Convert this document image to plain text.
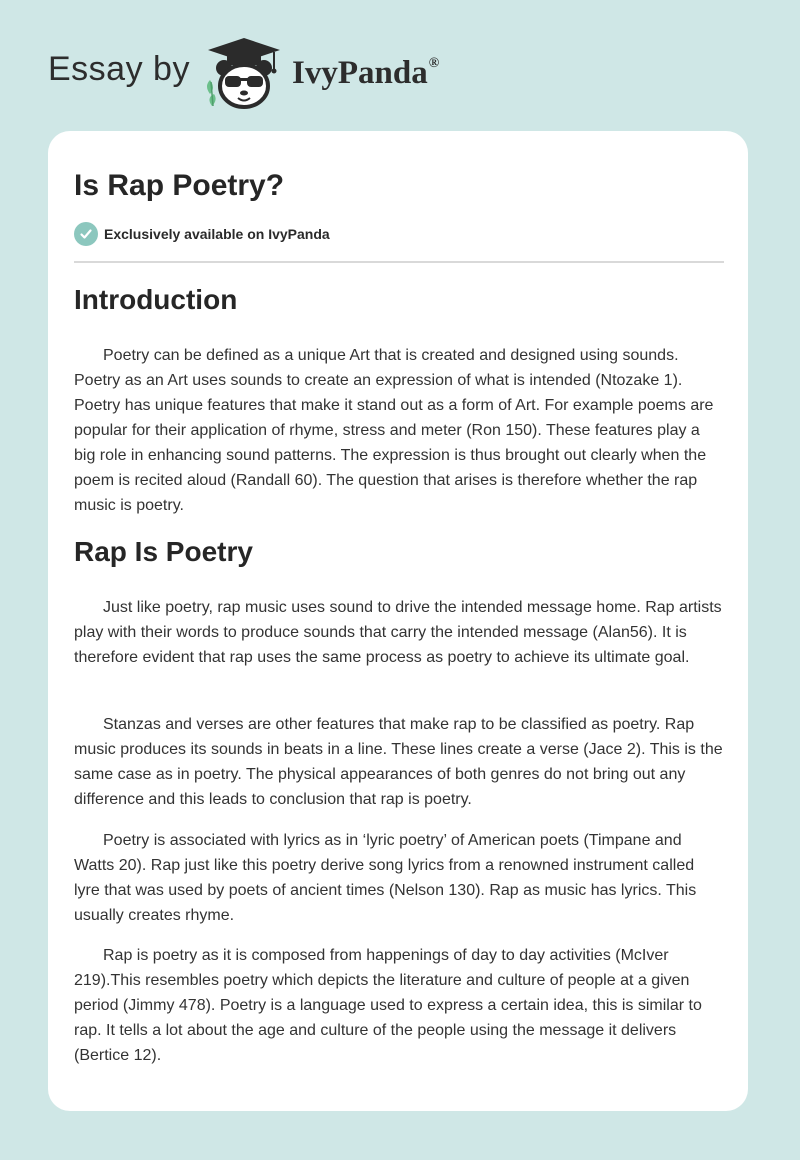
Essay by	IvyPanda®
Is Rap Poetry?
Exclusively available on IvyPanda
Introduction

Poetry can be defined as a unique Art that is created and designed using sounds. Poetry as an Art uses sounds to create an expression of what is intended (Ntozake 1). Poetry has unique features that make it stand out as a form of Art. For example poems are popular for their application of rhyme, stress and meter (Ron 150). These features play a big role in enhancing sound patterns. The expression is thus brought out clearly when the poem is recited aloud (Randall 60). The question that arises is therefore whether the rap music is poetry.

Rap Is Poetry

Just like poetry, rap music uses sound to drive the intended message home. Rap artists play with their words to produce sounds that carry the intended message (Alan56). It is therefore evident that rap uses the same process as poetry to achieve its ultimate goal.

Stanzas and verses are other features that make rap to be classified as poetry. Rap music produces its sounds in beats in a line. These lines create a verse (Jace 2). This is the same case as in poetry. The physical appearances of both genres do not bring out any difference and this leads to conclusion that rap is poetry.

Poetry is associated with lyrics as in ‘lyric poetry’ of American poets (Timpane and Watts 20). Rap just like this poetry derive song lyrics from a renowned instrument called lyre that was used by poets of ancient times (Nelson 130). Rap as music has lyrics. This usually creates rhyme.

Rap is poetry as it is composed from happenings of day to day activities (McIver 219).This resembles poetry which depicts the literature and culture of people at a given period (Jimmy 478). Poetry is a language used to express a certain idea, this is similar to rap. It tells a lot about the age and culture of the people using the message it delivers (Bertice 12).
